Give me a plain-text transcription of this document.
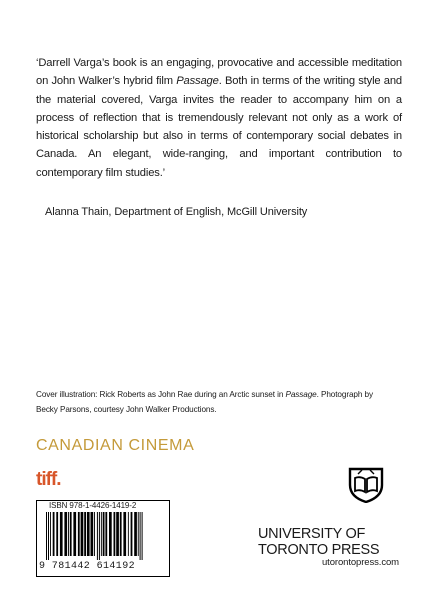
‘Darrell Varga’s book is an engaging, provocative and accessible meditation on John Walker’s hybrid film Passage. Both in terms of the writing style and the material covered, Varga invites the reader to accompany him on a process of reflection that is tremendously relevant not only as a work of historical scholarship but also in terms of contemporary social debates in Canada. An elegant, wide-ranging, and important contribution to contemporary film studies.’

Alanna Thain, Department of English, McGill University

Cover illustration: Rick Roberts as John Rae during an Arctic sunset in Passage. Photograph by Becky Parsons, courtesy John Walker Productions.

CANADIAN CINEMA

tiff.
ISBN 978-1-4426-1419-2
9 781442 614192

UNIVERSITY OF TORONTO PRESS

utorontopress.com
